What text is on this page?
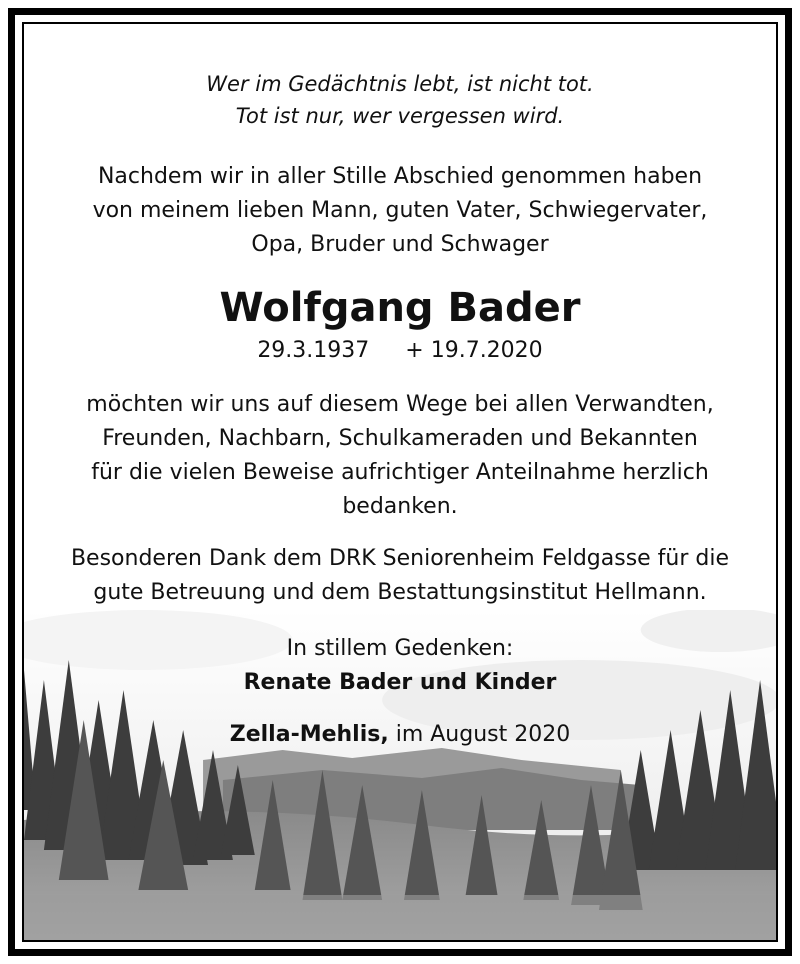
Wer im Gedächtnis lebt, ist nicht tot.

Tot ist nur, wer vergessen wird.

Nachdem wir in aller Stille Abschied genommen haben

von meinem lieben Mann, guten Vater, Schwiegervater,

Opa, Bruder und Schwager

Wolfgang Bader

29.3.1937 + 19.7.2020

möchten wir uns auf diesem Wege bei allen Verwandten,

Freunden, Nachbarn, Schulkameraden und Bekannten

für die vielen Beweise aufrichtiger Anteilnahme herzlich

bedanken.

Besonderen Dank dem DRK Seniorenheim Feldgasse für die

gute Betreuung und dem Bestattungsinstitut Hellmann.

In stillem Gedenken:

Renate Bader und Kinder

Zella-Mehlis, im August 2020
